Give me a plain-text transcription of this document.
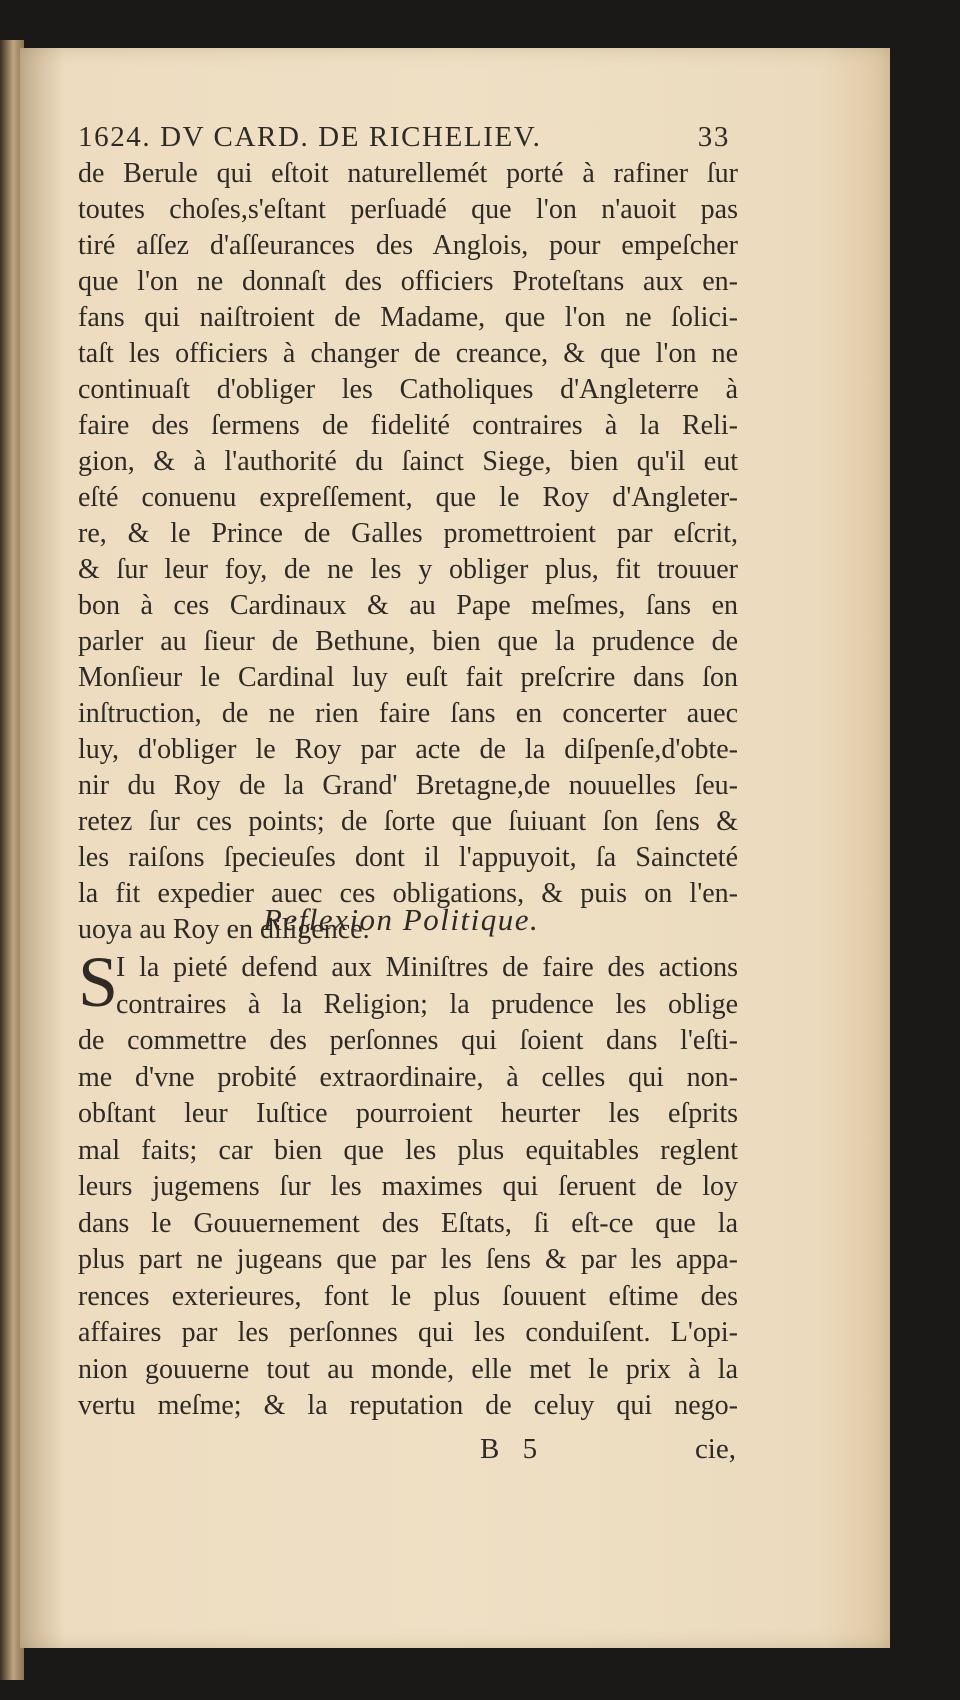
1624. DV CARD. DE RICHELIEV.	33
de Berule qui eſtoit naturellemét porté à rafiner ſur
toutes choſes,s'eſtant perſuadé que l'on n'auoit pas
tiré aſſez d'aſſeurances des Anglois, pour empeſcher
que l'on ne donnaſt des officiers Proteſtans aux en-
fans qui naiſtroient de Madame, que l'on ne ſolici-
taſt les officiers à changer de creance, & que l'on ne
continuaſt d'obliger les Catholiques d'Angleterre à
faire des ſermens de fidelité contraires à la Reli-
gion, & à l'authorité du ſainct Siege, bien qu'il eut
eſté conuenu expreſſement, que le Roy d'Angleter-
re, & le Prince de Galles promettroient par eſcrit,
& ſur leur foy, de ne les y obliger plus, fit trouuer
bon à ces Cardinaux & au Pape meſmes, ſans en
parler au ſieur de Bethune, bien que la prudence de
Monſieur le Cardinal luy euſt fait preſcrire dans ſon
inſtruction, de ne rien faire ſans en concerter auec
luy, d'obliger le Roy par acte de la diſpenſe,d'obte-
nir du Roy de la Grand' Bretagne,de nouuelles ſeu-
retez ſur ces points; de ſorte que ſuiuant ſon ſens &
les raiſons ſpecieuſes dont il l'appuyoit, ſa Saincteté
la fit expedier auec ces obligations, & puis on l'en-
uoya au Roy en diligence.
Reflexion Politique.
S
I la pieté defend aux Miniſtres de faire des actions
contraires à la Religion; la prudence les oblige
de commettre des perſonnes qui ſoient dans l'eſti-
me d'vne probité extraordinaire, à celles qui non-
obſtant leur Iuſtice pourroient heurter les eſprits
mal faits; car bien que les plus equitables reglent
leurs jugemens ſur les maximes qui ſeruent de loy
dans le Gouuernement des Eſtats, ſi eſt-ce que la
plus part ne jugeans que par les ſens & par les appa-
rences exterieures, font le plus ſouuent eſtime des
affaires par les perſonnes qui les conduiſent. L'opi-
nion gouuerne tout au monde, elle met le prix à la
vertu meſme; & la reputation de celuy qui nego-
B 5	cie,
